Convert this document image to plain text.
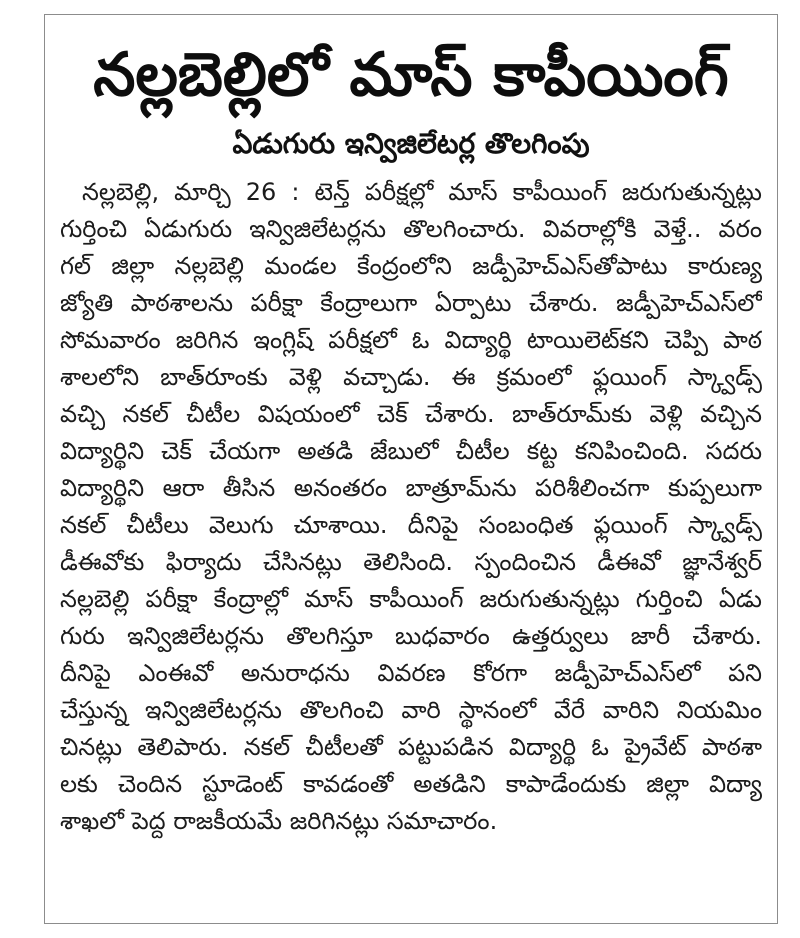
నల్లబెల్లిలో మాస్ కాపీయింగ్
ఏడుగురు ఇన్విజిలేటర్ల తొలగింపు
నల్లబెల్లి, మార్చి 26 : టెన్త్ పరీక్షల్లో మాస్ కాపీయింగ్ జరుగుతున్నట్లు
గుర్తించి ఏడుగురు ఇన్విజిలేటర్లను తొలగించారు. వివరాల్లోకి వెళ్తే.. వరం
గల్ జిల్లా నల్లబెల్లి మండల కేంద్రంలోని జడ్పీహెచ్ఎస్‌తోపాటు కారుణ్య
జ్యోతి పాఠశాలను పరీక్షా కేంద్రాలుగా ఏర్పాటు చేశారు. జడ్పీహెచ్ఎస్‌లో
సోమవారం జరిగిన ఇంగ్లిష్ పరీక్షలో ఓ విద్యార్థి టాయిలెట్‌కని చెప్పి పాఠ
శాలలోని బాత్‌రూంకు వెళ్లి వచ్చాడు. ఈ క్రమంలో ఫ్లయింగ్ స్క్వాడ్స్
వచ్చి నకల్ చీటీల విషయంలో చెక్ చేశారు. బాత్‌రూమ్‌కు వెళ్లి వచ్చిన
విద్యార్థిని చెక్ చేయగా అతడి జేబులో చీటీల కట్ట కనిపించింది. సదరు
విద్యార్థిని ఆరా తీసిన అనంతరం బాత్రూమ్‌ను పరిశీలించగా కుప్పలుగా
నకల్ చీటీలు వెలుగు చూశాయి. దీనిపై సంబంధిత ఫ్లయింగ్ స్క్వాడ్స్
డీఈవోకు ఫిర్యాదు చేసినట్లు తెలిసింది. స్పందించిన డీఈవో జ్ఞానేశ్వర్
నల్లబెల్లి పరీక్షా కేంద్రాల్లో మాస్ కాపీయింగ్ జరుగుతున్నట్లు గుర్తించి ఏడు
గురు ఇన్విజిలేటర్లను తొలగిస్తూ బుధవారం ఉత్తర్వులు జారీ చేశారు.
దీనిపై ఎంఈవో అనురాధను వివరణ కోరగా జడ్పీహెచ్ఎస్‌లో పని
చేస్తున్న ఇన్విజిలేటర్లను తొలగించి వారి స్థానంలో వేరే వారిని నియమిం
చినట్లు తెలిపారు. నకల్ చీటీలతో పట్టుపడిన విద్యార్థి ఓ ప్రైవేట్ పాఠశా
లకు చెందిన స్టూడెంట్ కావడంతో అతడిని కాపాడేందుకు జిల్లా విద్యా
శాఖలో పెద్ద రాజకీయమే జరిగినట్లు సమాచారం.
